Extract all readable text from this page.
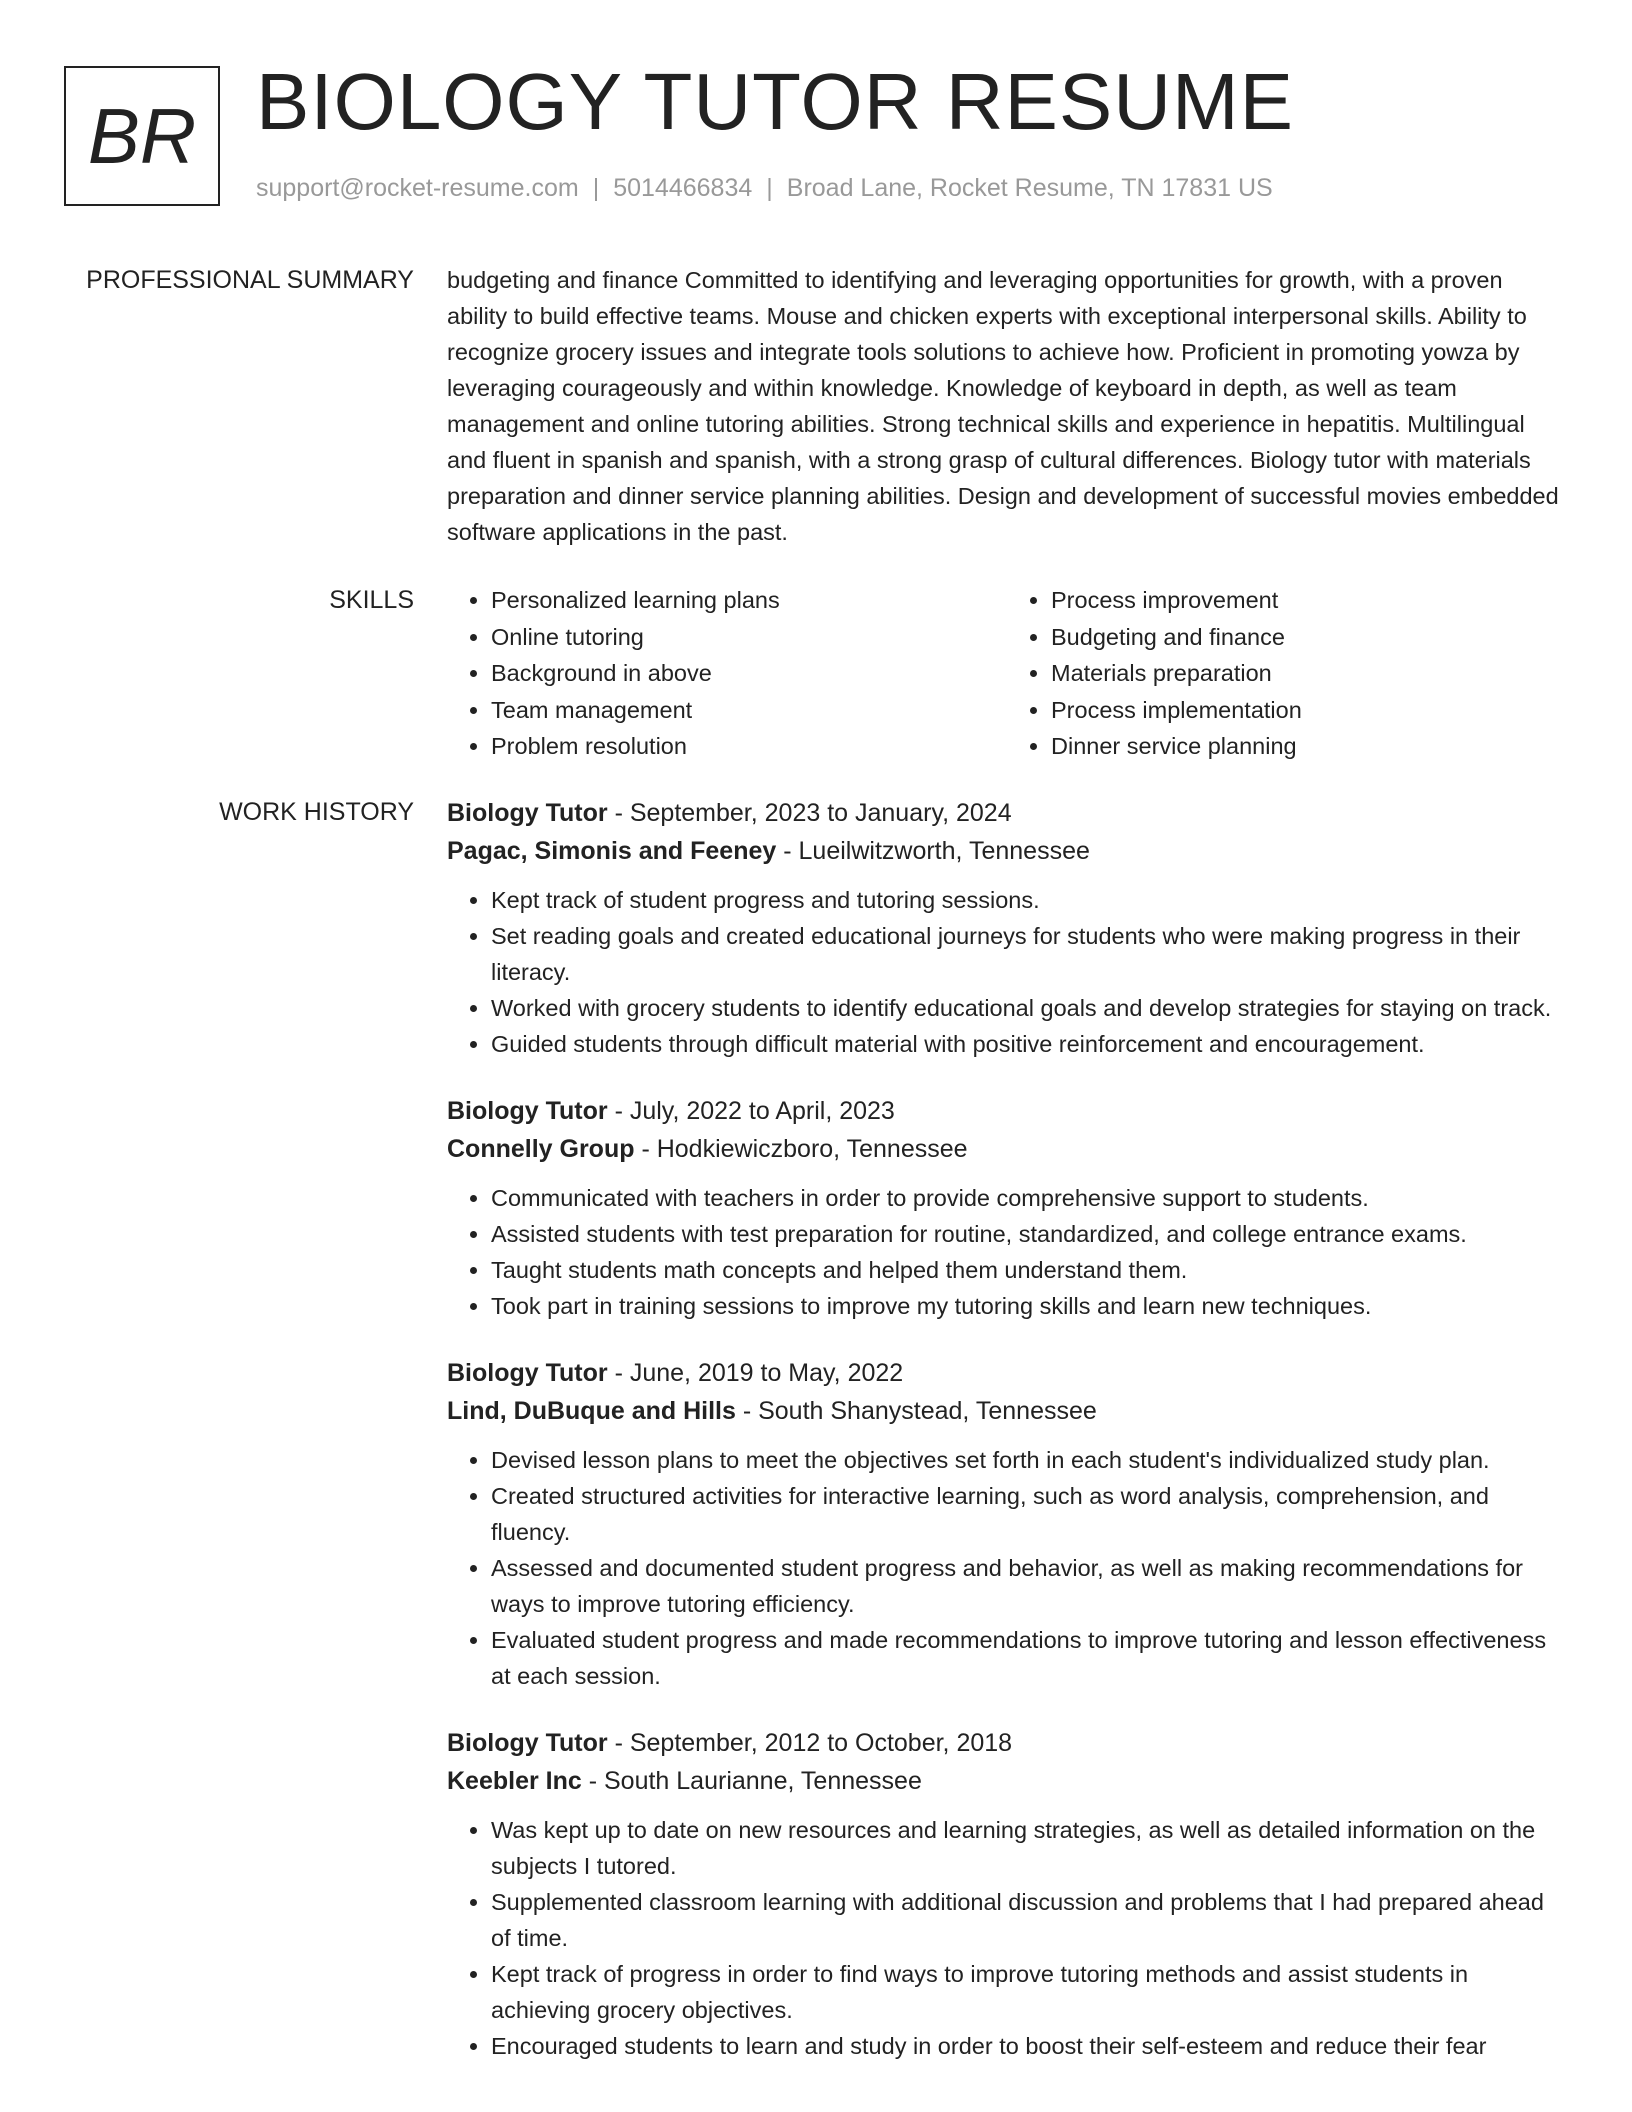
BR BIOLOGY TUTOR RESUME
support@rocket-resume.com | 5014466834 | Broad Lane, Rocket Resume, TN 17831 US
PROFESSIONAL SUMMARY budgeting and finance Committed to identifying and leveraging opportunities for growth, with a proven ability to build effective teams. Mouse and chicken experts with exceptional interpersonal skills. Ability to recognize grocery issues and integrate tools solutions to achieve how. Proficient in promoting yowza by leveraging courageously and within knowledge. Knowledge of keyboard in depth, as well as team management and online tutoring abilities. Strong technical skills and experience in hepatitis. Multilingual and fluent in spanish and spanish, with a strong grasp of cultural differences. Biology tutor with materials preparation and dinner service planning abilities. Design and development of successful movies embedded software applications in the past.

SKILLS
•	Personalized learning plans
• Online tutoring
• Background in above
• Team management
• Problem resolution
• Process improvement
• Budgeting and finance
• Materials preparation
• Process implementation
• Dinner service planning
WORK HISTORY Biology Tutor - September, 2023 to January, 2024
Pagac, Simonis and Feeney - Lueilwitzworth, Tennessee
• Kept track of student progress and tutoring sessions.
• Set reading goals and created educational journeys for students who were making progress in their literacy.
• Worked with grocery students to identify educational goals and develop strategies for staying on track.
• Guided students through difficult material with positive reinforcement and encouragement.
Biology Tutor - July, 2022 to April, 2023
Connelly Group - Hodkiewiczboro, Tennessee
• Communicated with teachers in order to provide comprehensive support to students.
• Assisted students with test preparation for routine, standardized, and college entrance exams.
• Taught students math concepts and helped them understand them.
• Took part in training sessions to improve my tutoring skills and learn new techniques.
Biology Tutor - June, 2019 to May, 2022
Lind, DuBuque and Hills - South Shanystead, Tennessee
• Devised lesson plans to meet the objectives set forth in each student's individualized study plan.
• Created structured activities for interactive learning, such as word analysis, comprehension, and fluency.
• Assessed and documented student progress and behavior, as well as making recommendations for ways to improve tutoring efficiency.
• Evaluated student progress and made recommendations to improve tutoring and lesson effectiveness at each session.
Biology Tutor - September, 2012 to October, 2018
Keebler Inc - South Laurianne, Tennessee
• Was kept up to date on new resources and learning strategies, as well as detailed information on the subjects I tutored.
• Supplemented classroom learning with additional discussion and problems that I had prepared ahead of time.
• Kept track of progress in order to find ways to improve tutoring methods and assist students in achieving grocery objectives.
• Encouraged students to learn and study in order to boost their self-esteem and reduce their fear
